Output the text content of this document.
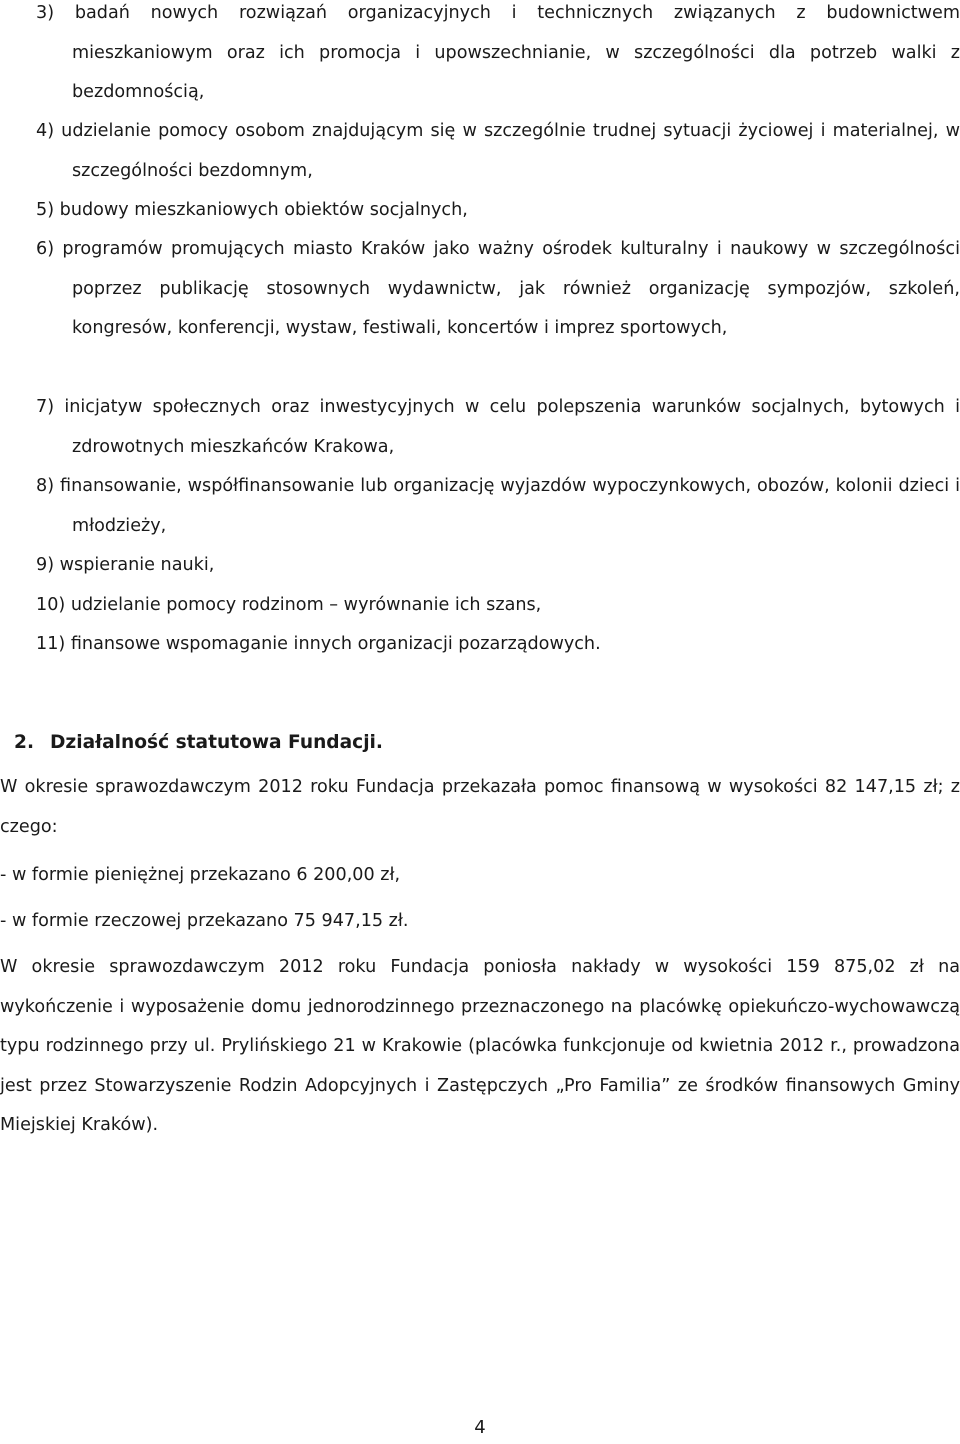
3) badań nowych rozwiązań organizacyjnych i technicznych związanych z budownictwem mieszkaniowym oraz ich promocja i upowszechnianie, w szczególności dla potrzeb walki z bezdomnością,
4) udzielanie pomocy osobom znajdującym się w szczególnie trudnej sytuacji życiowej i materialnej, w szczególności bezdomnym,
5) budowy mieszkaniowych obiektów socjalnych,
6) programów promujących miasto Kraków jako ważny ośrodek kulturalny i naukowy w szczególności poprzez publikację stosownych wydawnictw, jak również organizację sympozjów, szkoleń, kongresów, konferencji, wystaw, festiwali, koncertów i imprez sportowych,
7) inicjatyw społecznych oraz inwestycyjnych w celu polepszenia warunków socjalnych, bytowych i zdrowotnych mieszkańców Krakowa,
8) finansowanie, współfinansowanie lub organizację wyjazdów wypoczynkowych, obozów, kolonii dzieci i młodzieży,
9) wspieranie nauki,
10) udzielanie pomocy rodzinom – wyrównanie ich szans,
11) finansowe wspomaganie innych organizacji pozarządowych.
2. Działalność statutowa Fundacji.
W okresie sprawozdawczym 2012 roku Fundacja przekazała pomoc finansową w wysokości 82 147,15 zł; z czego:
- w formie pieniężnej przekazano 6 200,00 zł,
- w formie rzeczowej przekazano 75 947,15 zł.
W okresie sprawozdawczym 2012 roku Fundacja poniosła nakłady w wysokości 159 875,02 zł na wykończenie i wyposażenie domu jednorodzinnego przeznaczonego na placówkę opiekuńczo-wychowawczą typu rodzinnego przy ul. Prylińskiego 21 w Krakowie (placówka funkcjonuje od kwietnia 2012 r., prowadzona jest przez Stowarzyszenie Rodzin Adopcyjnych i Zastępczych „Pro Familia” ze środków finansowych Gminy Miejskiej Kraków).
4
